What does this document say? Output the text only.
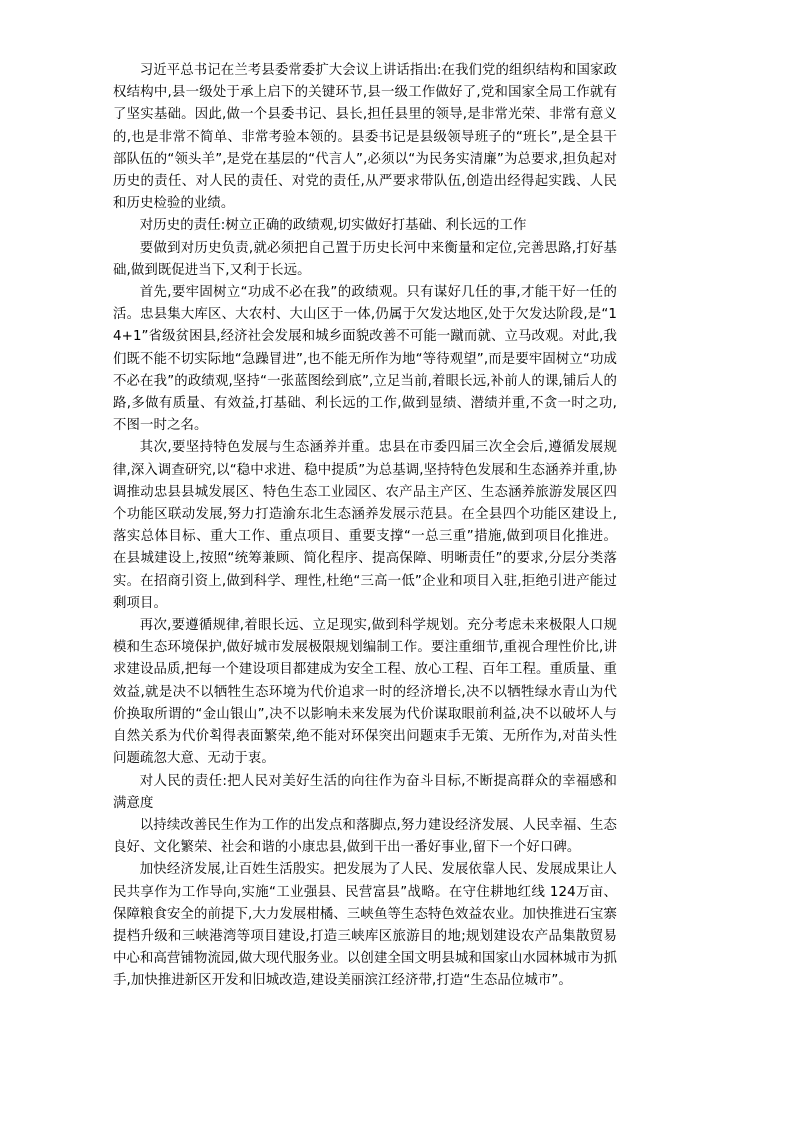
习近平总书记在兰考县委常委扩大会议上讲话指出:在我们党的组织结构和国家政权结构中,县一级处于承上启下的关键环节,县一级工作做好了,党和国家全局工作就有了坚实基础。因此,做一个县委书记、县长,担任县里的领导,是非常光荣、非常有意义的,也是非常不简单、非常考验本领的。县委书记是县级领导班子的“班长”,是全县干部队伍的“领头羊”,是党在基层的“代言人”,必须以“为民务实清廉”为总要求,担负起对历史的责任、对人民的责任、对党的责任,从严要求带队伍,创造出经得起实践、人民和历史检验的业绩。

对历史的责任:树立正确的政绩观,切实做好打基础、利长远的工作

要做到对历史负责,就必须把自己置于历史长河中来衡量和定位,完善思路,打好基础,做到既促进当下,又利于长远。

首先,要牢固树立“功成不必在我”的政绩观。只有谋好几任的事,才能干好一任的活。忠县集大库区、大农村、大山区于一体,仍属于欠发达地区,处于欠发达阶段,是“14+1”省级贫困县,经济社会发展和城乡面貌改善不可能一蹴而就、立马改观。对此,我们既不能不切实际地“急躁冒进”,也不能无所作为地“等待观望”,而是要牢固树立“功成不必在我”的政绩观,坚持“一张蓝图绘到底”,立足当前,着眼长远,补前人的课,铺后人的路,多做有质量、有效益,打基础、利长远的工作,做到显绩、潜绩并重,不贪一时之功,不图一时之名。

其次,要坚持特色发展与生态涵养并重。忠县在市委四届三次全会后,遵循发展规律,深入调查研究,以“稳中求进、稳中提质”为总基调,坚持特色发展和生态涵养并重,协调推动忠县县城发展区、特色生态工业园区、农产品主产区、生态涵养旅游发展区四个功能区联动发展,努力打造渝东北生态涵养发展示范县。在全县四个功能区建设上,落实总体目标、重大工作、重点项目、重要支撑“一总三重”措施,做到项目化推进。在县城建设上,按照“统筹兼顾、简化程序、提高保障、明晰责任”的要求,分层分类落实。在招商引资上,做到科学、理性,杜绝“三高一低”企业和项目入驻,拒绝引进产能过剩项目。

再次,要遵循规律,着眼长远、立足现实,做到科学规划。充分考虑未来极限人口规模和生态环境保护,做好城市发展极限规划编制工作。要注重细节,重视合理性价比,讲求建设品质,把每一个建设项目都建成为安全工程、放心工程、百年工程。重质量、重效益,就是决不以牺牲生态环境为代价追求一时的经济增长,决不以牺牲绿水青山为代价换取所谓的“金山银山”,决不以影响未来发展为代价谋取眼前利益,决不以破坏人与自然关系为代价획得表面繁荣,绝不能对环保突出问题束手无策、无所作为,对苗头性问题疏忽大意、无动于衷。

对人民的责任:把人民对美好生活的向往作为奋斗目标,不断提高群众的幸福感和满意度

以持续改善民生作为工作的出发点和落脚点,努力建设经济发展、人民幸福、生态良好、文化繁荣、社会和谐的小康忠县,做到干出一番好事业,留下一个好口碑。

加快经济发展,让百姓生活殷实。把发展为了人民、发展依靠人民、发展成果让人民共享作为工作导向,实施“工业强县、民营富县”战略。在守住耕地红线 124万亩、保障粮食安全的前提下,大力发展柑橘、三峡鱼等生态特色效益农业。加快推进石宝寨提档升级和三峡港湾等项目建设,打造三峡库区旅游目的地;规划建设农产品集散贸易中心和高营铺物流园,做大现代服务业。以创建全国文明县城和国家山水园林城市为抓手,加快推进新区开发和旧城改造,建设美丽滨江经济带,打造“生态品位城市”。
